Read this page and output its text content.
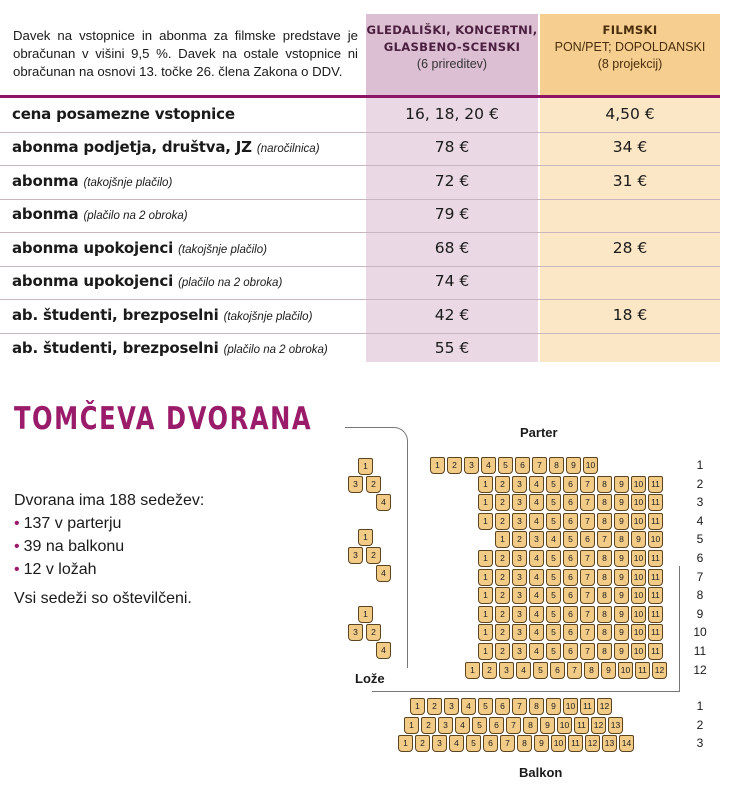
Davek na vstopnice in abonma za filmske predstave je obračunan v višini 9,5 %. Davek na ostale vstopnice ni obračunan na osnovi 13. točke 26. člena Zakona o DDV.
GLEDALIŠKI, KONCERTNI,
GLASBENO-SCENSKI
(6 prireditev)
FILMSKI
PON/PET; DOPOLDANSKI
(8 projekcij)
cena posamezne vstopnice	16, 18, 20 €	4,50 €
abonma podjetja, društva, JZ (naročilnica)	78 €	34 €
abonma (takojšnje plačilo)	72 €	31 €
abonma (plačilo na 2 obroka)	79 €
abonma upokojenci (takojšnje plačilo)	68 €	28 €
abonma upokojenci (plačilo na 2 obroka)	74 €
ab. študenti, brezposelni (takojšnje plačilo)	42 €	18 €
ab. študenti, brezposelni (plačilo na 2 obroka)	55 €
TOMČEVA DVORANA
Dvorana ima 188 sedežev:
• 137 v parterju
• 39 na balkonu
• 12 v ložah
Vsi sedeži so oštevilčeni.
Parter
Lože
Balkon
1	2	3	4	5	6	7	8	9	10	1
1	2	3	4	5	6	7	8	9	10 11	2
1	2	3	4	5	6	7	8	9	10 11	3
1	2	3	4	5	6	7	8	9	10 11	4
1	2	3	4	5	6	7	8	9	10	5
1	2	3	4	5	6	7	8	9	10 11	6
1	2	3	4	5	6	7	8	9	10 11	7
1	2	3	4	5	6	7	8	9	10 11	8
1	2	3	4	5	6	7	8	9	10 11	9
1	2	3	4	5	6	7	8	9	10 11	10
1	2	3	4	5	6	7	8	9	10 11	11
1	2	3	4	5	6	7	8	9	10 11 12 12
1	2	3	4	5	6	7	8	9	10 11 12	1
1	2	3	4	5	6	7	8	9	10 11 12 13	2
1	2	3	4	5	6	7	8	9	10 11 12 13 14	3
1
3	2
4
1
3	2
4
1
3	2
4
